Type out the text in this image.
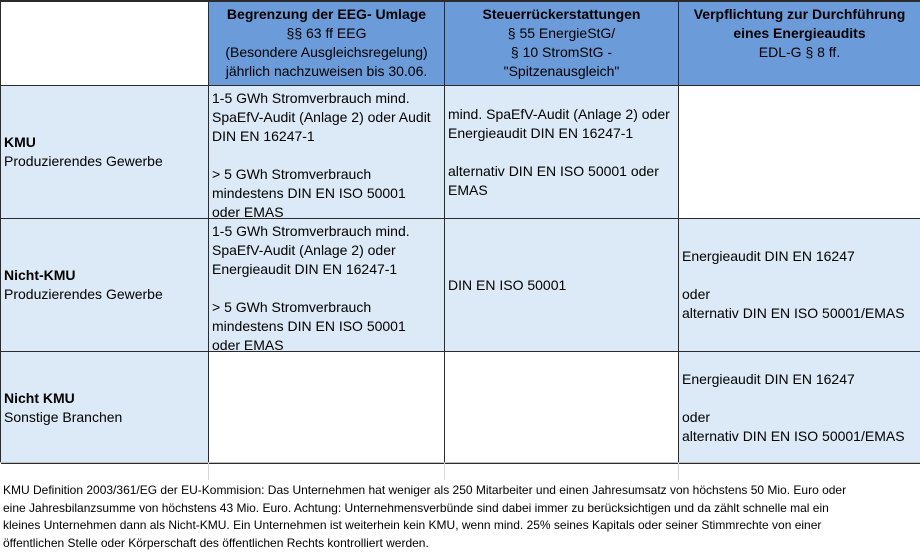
Begrenzung der EEG- Umlage
§§ 63 ff EEG
(Besondere Ausgleichsregelung)
jährlich nachzuweisen bis 30.06.
Steuerrückerstattungen
§ 55 EnergieStG/
§ 10 StromStG -
"Spitzenausgleich"
Verpflichtung zur Durchführung
eines Energieaudits
EDL-G § 8 ff.
KMU
Produzierendes Gewerbe
1-5 GWh Stromverbrauch mind.
SpaEfV-Audit (Anlage 2) oder Audit
DIN EN 16247-1
> 5 GWh Stromverbrauch
mindestens DIN EN ISO 50001
oder EMAS
mind. SpaEfV-Audit (Anlage 2) oder
Energieaudit DIN EN 16247-1
alternativ DIN EN ISO 50001 oder
EMAS
Nicht-KMU
Produzierendes Gewerbe
1-5 GWh Stromverbrauch mind.
SpaEfV-Audit (Anlage 2) oder
Energieaudit DIN EN 16247-1
> 5 GWh Stromverbrauch
mindestens DIN EN ISO 50001
oder EMAS
DIN EN ISO 50001
Energieaudit DIN EN 16247
oder
alternativ DIN EN ISO 50001/EMAS
Nicht KMU
Sonstige Branchen
Energieaudit DIN EN 16247
oder
alternativ DIN EN ISO 50001/EMAS
KMU Definition 2003/361/EG der EU-Kommision: Das Unternehmen hat weniger als 250 Mitarbeiter und einen Jahresumsatz von höchstens 50 Mio. Euro oder
eine Jahresbilanzsumme von höchstens 43 Mio. Euro. Achtung: Unternehmensverbünde sind dabei immer zu berücksichtigen und da zählt schnelle mal ein
kleines Unternehmen dann als Nicht-KMU. Ein Unternehmen ist weiterhein kein KMU, wenn mind. 25% seines Kapitals oder seiner Stimmrechte von einer
öffentlichen Stelle oder Körperschaft des öffentlichen Rechts kontrolliert werden.
